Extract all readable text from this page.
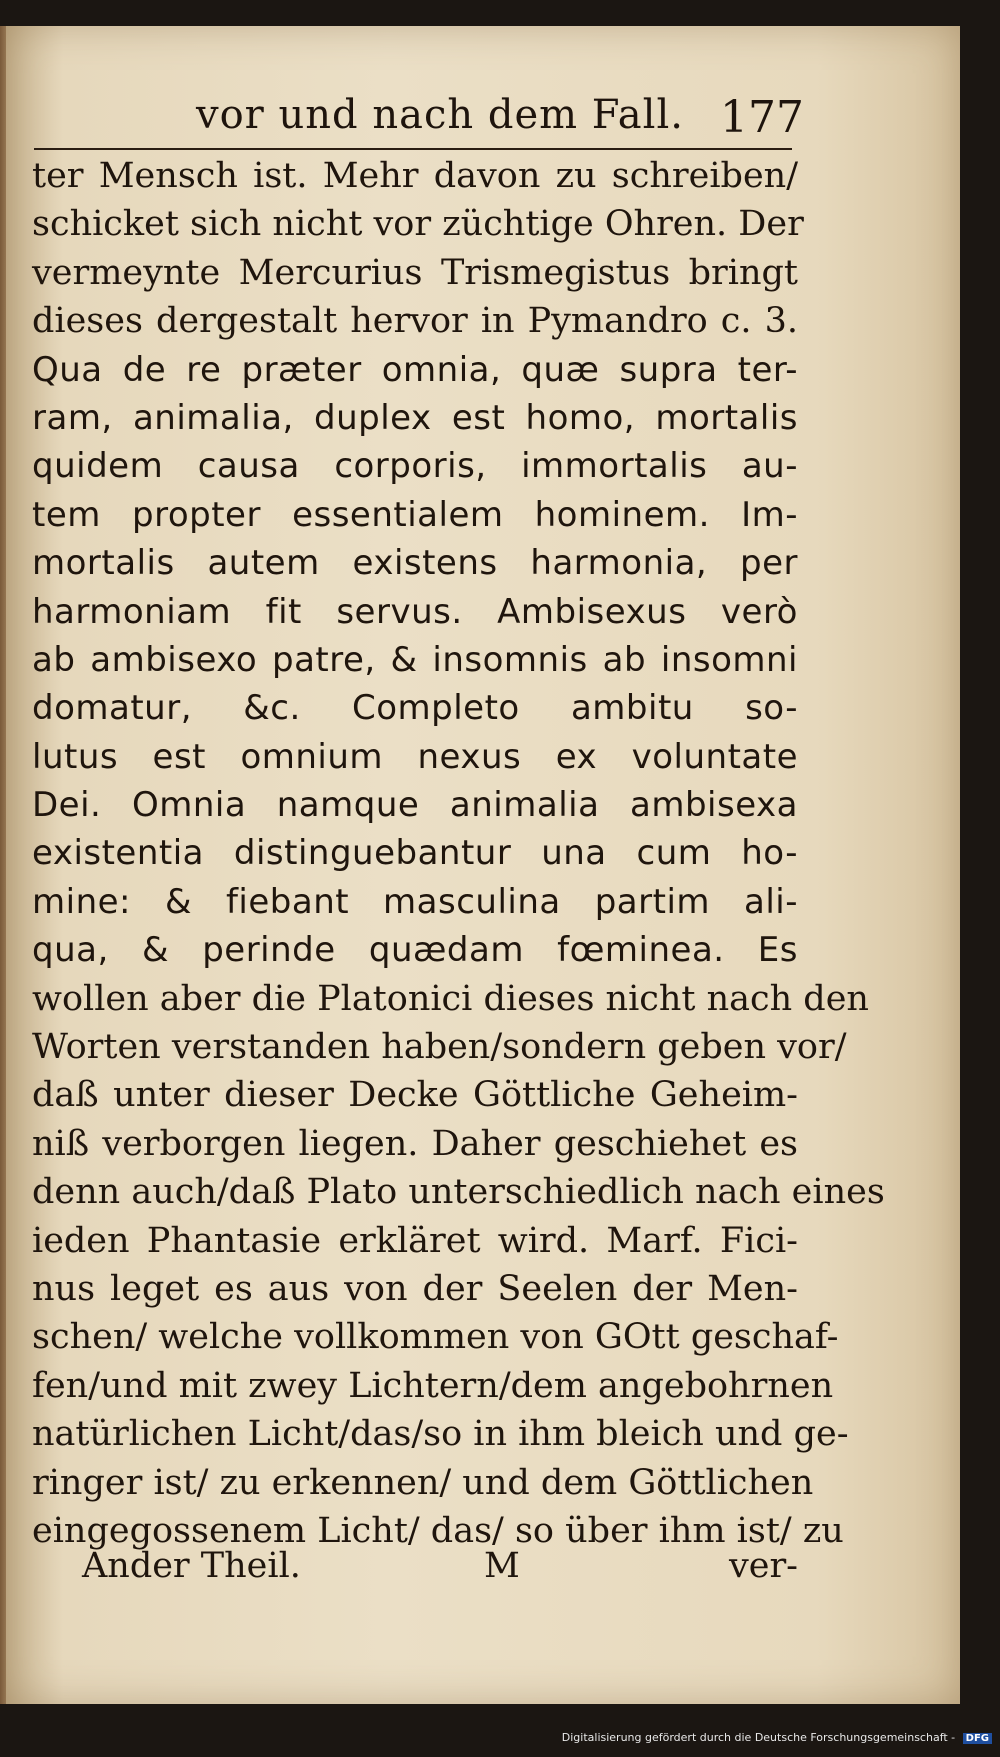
vor und nach dem Fall. 177
ter Mensch ist. Mehr davon zu schreiben/
schicket sich nicht vor züchtige Ohren. Der
vermeynte Mercurius Trismegistus bringt
dieses dergestalt hervor in Pymandro c. 3.
Qua de re præter omnia, quæ supra ter-
ram, animalia, duplex est homo, mortalis
quidem causa corporis, immortalis au-
tem propter essentialem hominem. Im-
mortalis autem existens harmonia, per
harmoniam fit servus. Ambisexus verò
ab ambisexo patre, & insomnis ab insomni
domatur, &c. Completo ambitu so-
lutus est omnium nexus ex voluntate
Dei. Omnia namque animalia ambisexa
existentia distinguebantur una cum ho-
mine: & fiebant masculina partim ali-
qua, & perinde quædam fœminea. Es
wollen aber die Platonici dieses nicht nach den
Worten verstanden haben/sondern geben vor/
daß unter dieser Decke Göttliche Geheim-
niß verborgen liegen. Daher geschiehet es
denn auch/daß Plato unterschiedlich nach eines
ieden Phantasie erkläret wird. Marf. Fici-
nus leget es aus von der Seelen der Men-
schen/ welche vollkommen von GOtt geschaf-
fen/und mit zwey Lichtern/dem angebohrnen
natürlichen Licht/das/so in ihm bleich und ge-
ringer ist/ zu erkennen/ und dem Göttlichen
eingegossenem Licht/ das/ so über ihm ist/ zu
Ander Theil.	M	ver-
Digitalisierung gefördert durch die Deutsche Forschungsgemeinschaft - DFG
